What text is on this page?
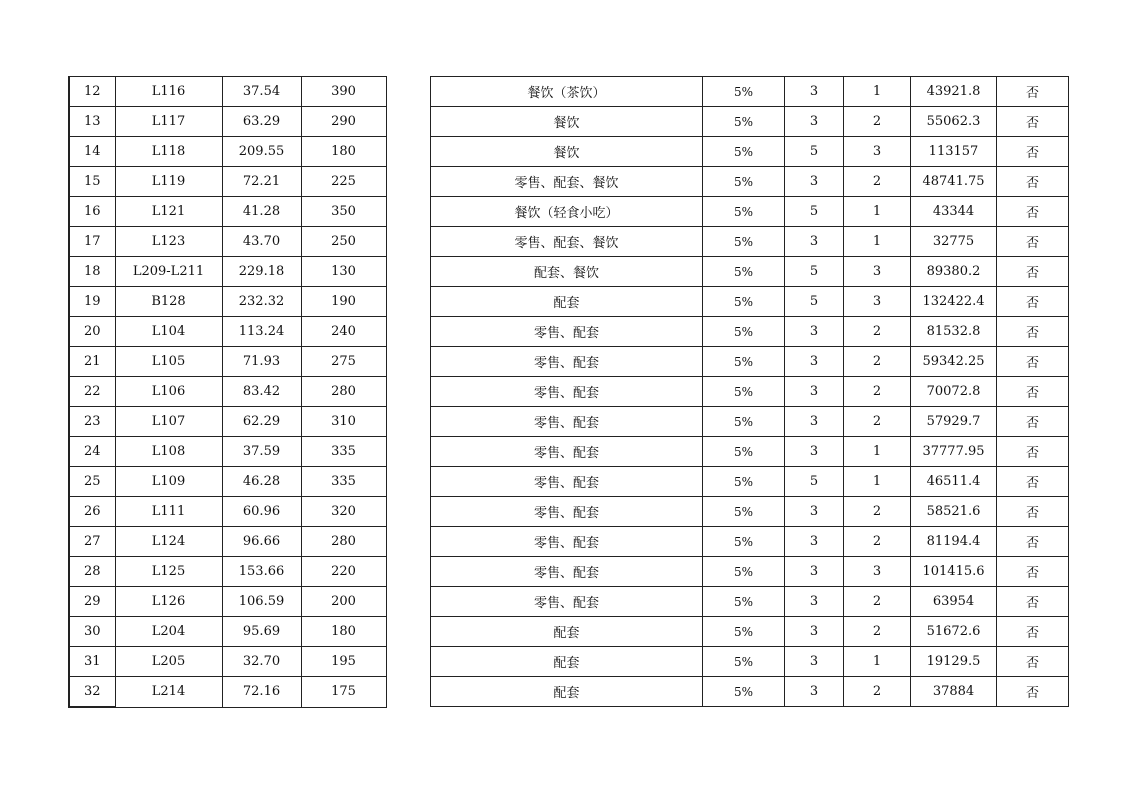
12	L116	37.54	390
13	L117	63.29	290
14	L118	209.55	180
15	L119	72.21	225
16	L121	41.28	350
17	L123	43.70	250
18	L209-L211	229.18	130
19	B128	232.32	190
20	L104	113.24	240
21	L105	71.93	275
22	L106	83.42	280
23	L107	62.29	310
24	L108	37.59	335
25	L109	46.28	335
26	L111	60.96	320
27	L124	96.66	280
28	L125	153.66	220
29	L126	106.59	200
30	L204	95.69	180
31	L205	32.70	195
32	L214	72.16	175
餐饮（茶饮）	5%	3	1	43921.8	否
餐饮	5%	3	2	55062.3	否
餐饮	5%	5	3	113157	否
零售、配套、餐饮	5%	3	2	48741.75	否
餐饮（轻食小吃）	5%	5	1	43344	否
零售、配套、餐饮	5%	3	1	32775	否
配套、餐饮	5%	5	3	89380.2	否
配套	5%	5	3	132422.4	否
零售、配套	5%	3	2	81532.8	否
零售、配套	5%	3	2	59342.25	否
零售、配套	5%	3	2	70072.8	否
零售、配套	5%	3	2	57929.7	否
零售、配套	5%	3	1	37777.95	否
零售、配套	5%	5	1	46511.4	否
零售、配套	5%	3	2	58521.6	否
零售、配套	5%	3	2	81194.4	否
零售、配套	5%	3	3	101415.6	否
零售、配套	5%	3	2	63954	否
配套	5%	3	2	51672.6	否
配套	5%	3	1	19129.5	否
配套	5%	3	2	37884	否
